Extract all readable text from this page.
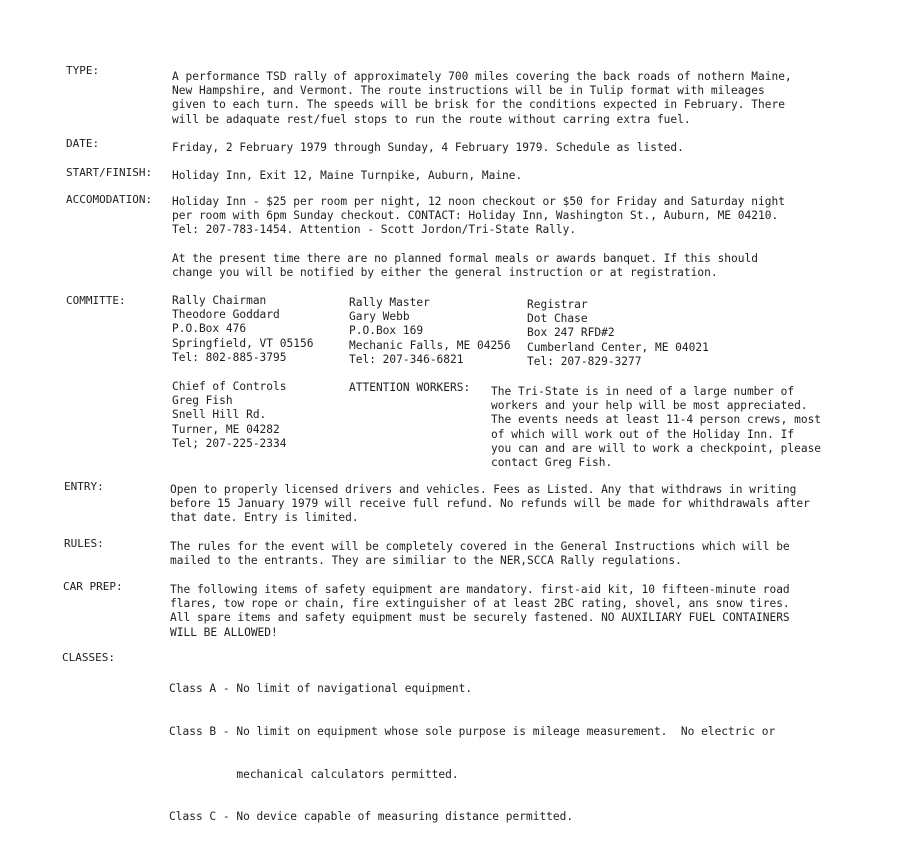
TYPE:	A performance TSD rally of approximately 700 miles covering the back roads of nothern Maine,
New Hampshire, and Vermont. The route instructions will be in Tulip format with mileages
given to each turn. The speeds will be brisk for the conditions expected in February. There
will be adaquate rest/fuel stops to run the route without carring extra fuel.
DATE:	Friday, 2 February 1979 through Sunday, 4 February 1979. Schedule as listed.
START/FINISH: Holiday Inn, Exit 12, Maine Turnpike, Auburn, Maine.
ACCOMODATION: Holiday Inn - $25 per room per night, 12 noon checkout or $50 for Friday and Saturday night
per room with 6pm Sunday checkout. CONTACT: Holiday Inn, Washington St., Auburn, ME 04210.
Tel: 207-783-1454. Attention - Scott Jordon/Tri-State Rally.
At the present time there are no planned formal meals or awards banquet. If this should
change you will be notified by either the general instruction or at registration.
COMMITTE:	Rally Chairman
Theodore Goddard
P.O.Box 476
Springfield, VT 05156
Tel: 802-885-3795
Rally Master
Gary Webb
P.O.Box 169
Mechanic Falls, ME 04256
Tel: 207-346-6821
Registrar
Dot Chase
Box 247 RFD#2
Cumberland Center, ME 04021
Tel: 207-829-3277
Chief of Controls
Greg Fish
Snell Hill Rd.
Turner, ME 04282
Tel; 207-225-2334
ATTENTION WORKERS: The Tri-State is in need of a large number of
workers and your help will be most appreciated.
The events needs at least 11-4 person crews, most
of which will work out of the Holiday Inn. If
you can and are will to work a checkpoint, please
contact Greg Fish.
ENTRY:	Open to properly licensed drivers and vehicles. Fees as Listed. Any that withdraws in writing
before 15 January 1979 will receive full refund. No refunds will be made for whithdrawals after
that date. Entry is limited.
RULES:	The rules for the event will be completely covered in the General Instructions which will be
mailed to the entrants. They are similiar to the NER,SCCA Rally regulations.
CAR PREP:	The following items of safety equipment are mandatory. first-aid kit, 10 fifteen-minute road
flares, tow rope or chain, fire extinguisher of at least 2BC rating, shovel, ans snow tires.
All spare items and safety equipment must be securely fastened. NO AUXILIARY FUEL CONTAINERS
WILL BE ALLOWED!
CLASSES:

Class A - No limit of navigational equipment.

Class B - No limit on equipment whose sole purpose is mileage measurement.  No electric or

mechanical calculators permitted.

Class C - No device capable of measuring distance permitted.
